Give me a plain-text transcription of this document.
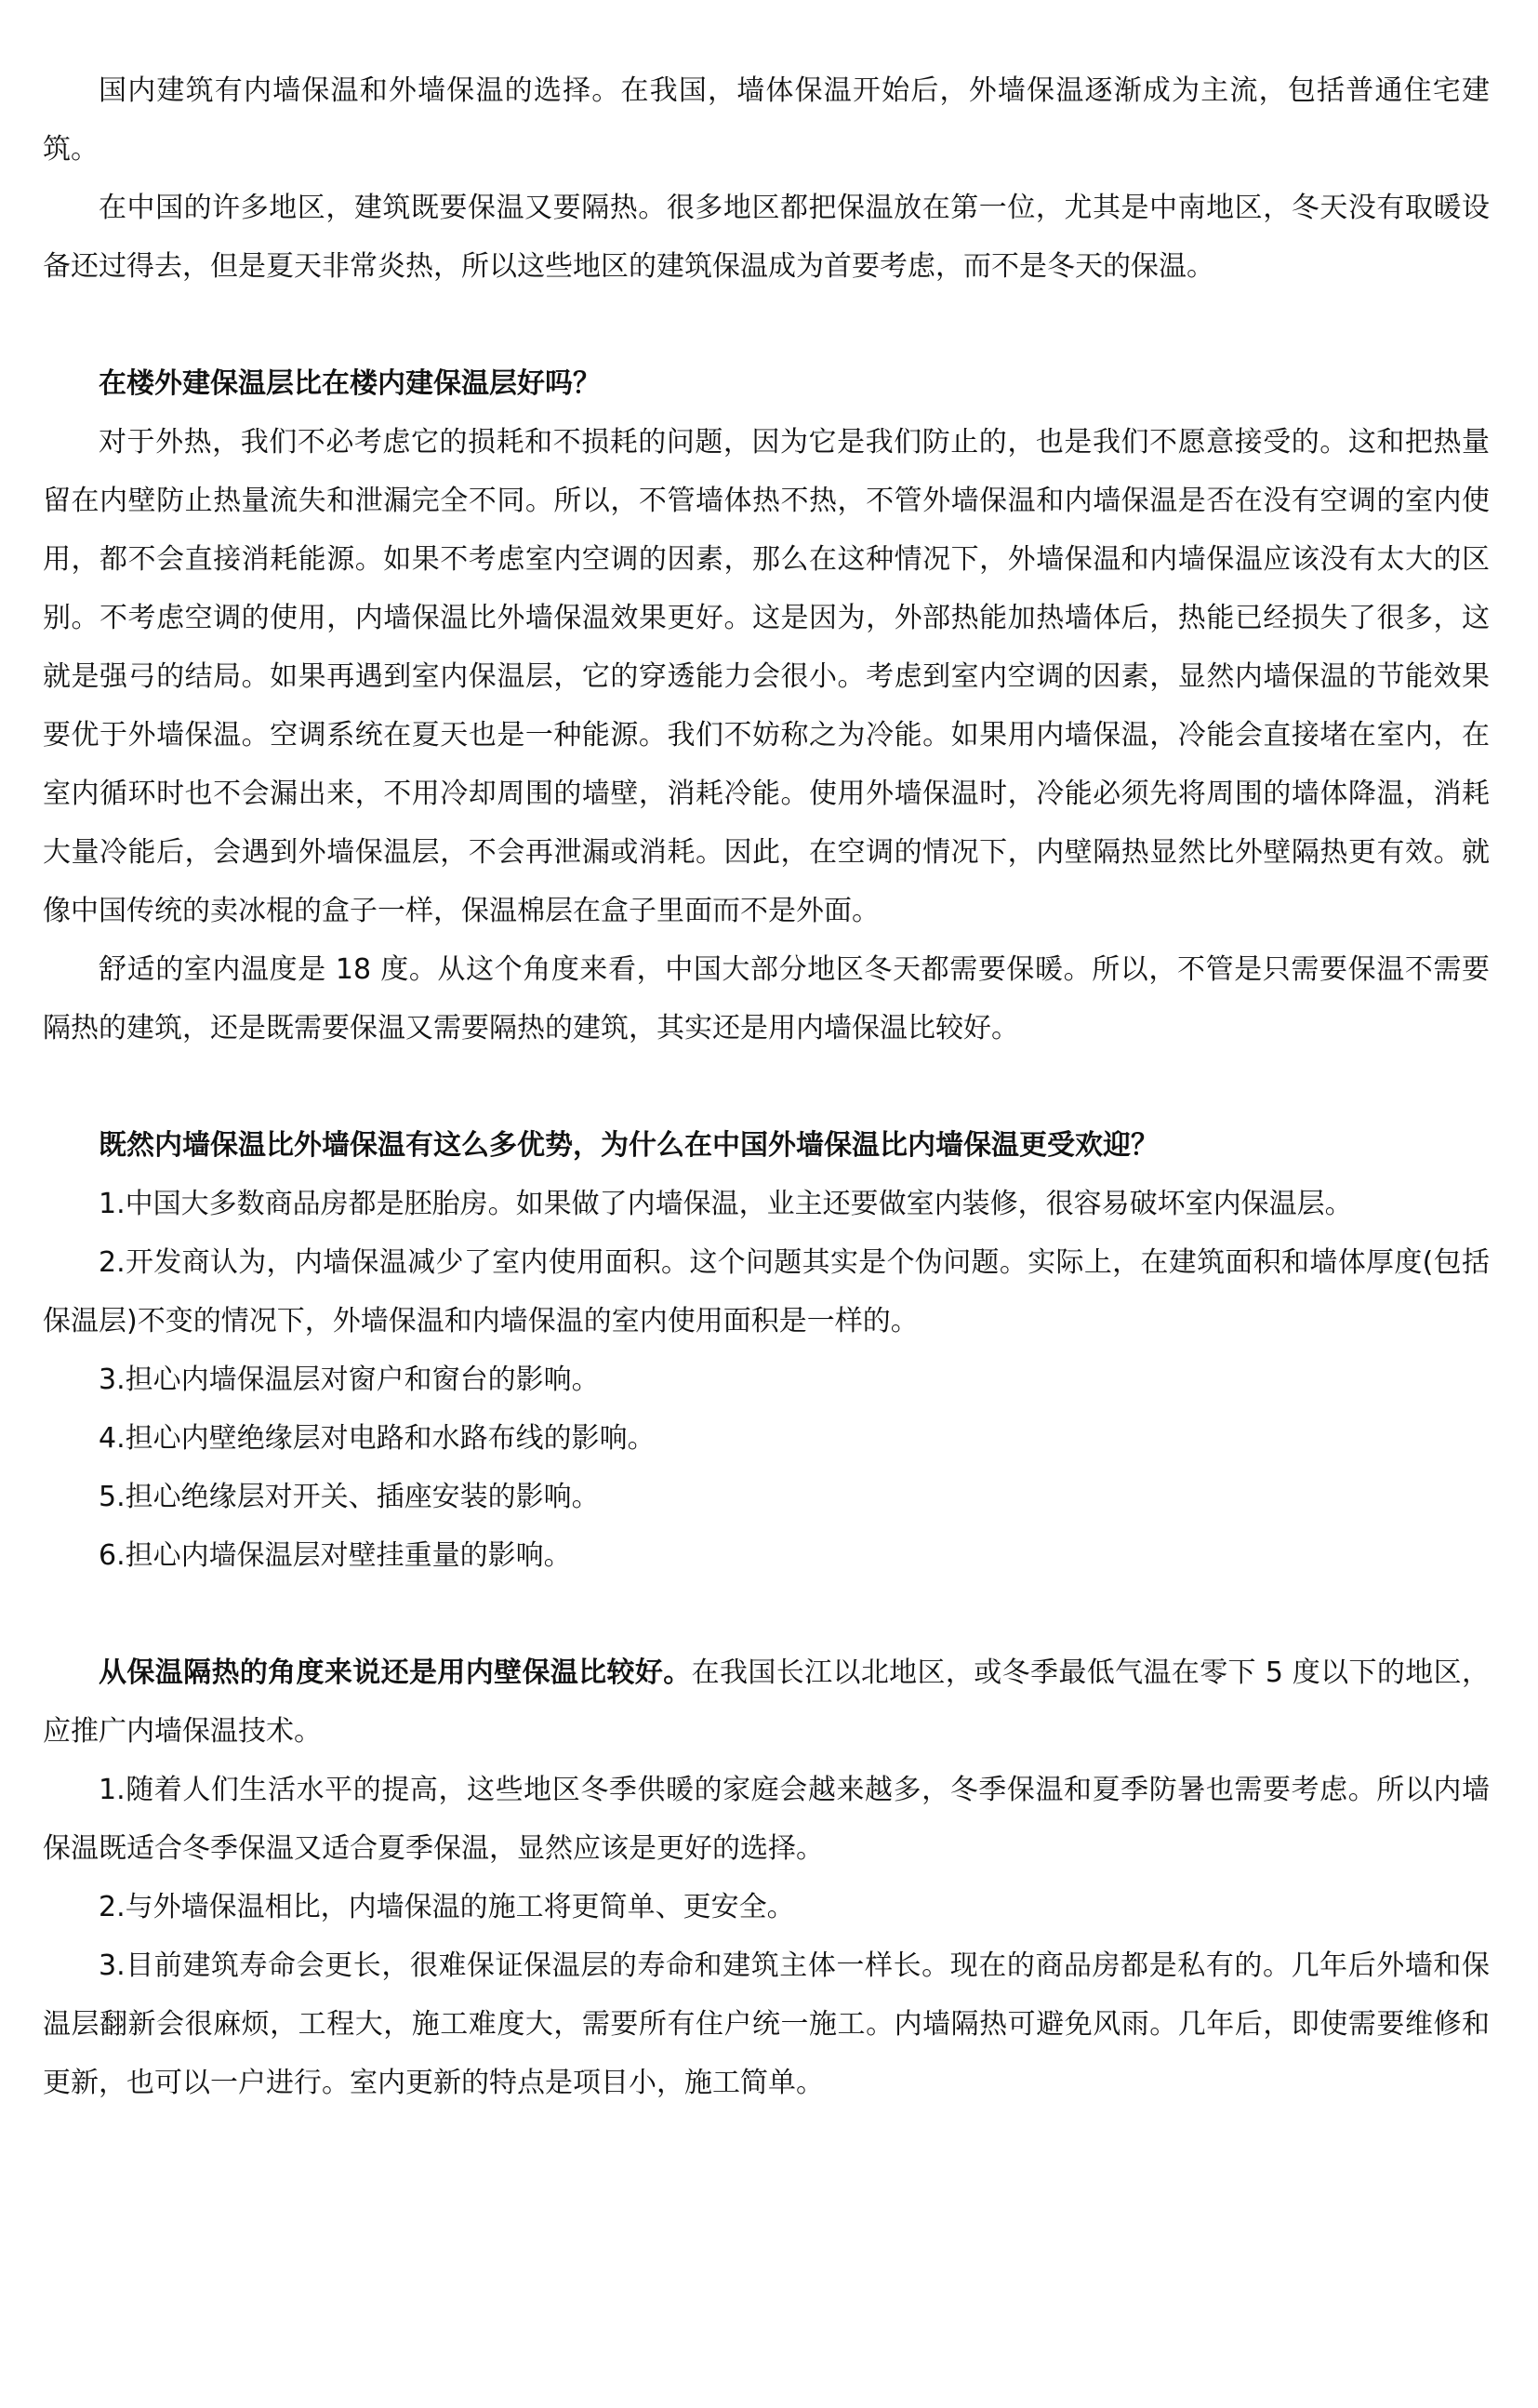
国内建筑有内墙保温和外墙保温的选择。在我国，墙体保温开始后，外墙保温逐渐成为主流，包括普通住宅建筑。

在中国的许多地区，建筑既要保温又要隔热。很多地区都把保温放在第一位，尤其是中南地区，冬天没有取暖设备还过得去，但是夏天非常炎热，所以这些地区的建筑保温成为首要考虑，而不是冬天的保温。

在楼外建保温层比在楼内建保温层好吗？

对于外热，我们不必考虑它的损耗和不损耗的问题，因为它是我们防止的，也是我们不愿意接受的。这和把热量留在内壁防止热量流失和泄漏完全不同。所以，不管墙体热不热，不管外墙保温和内墙保温是否在没有空调的室内使用，都不会直接消耗能源。如果不考虑室内空调的因素，那么在这种情况下，外墙保温和内墙保温应该没有太大的区别。不考虑空调的使用，内墙保温比外墙保温效果更好。这是因为，外部热能加热墙体后，热能已经损失了很多，这就是强弓的结局。如果再遇到室内保温层，它的穿透能力会很小。考虑到室内空调的因素，显然内墙保温的节能效果要优于外墙保温。空调系统在夏天也是一种能源。我们不妨称之为冷能。如果用内墙保温，冷能会直接堵在室内，在室内循环时也不会漏出来，不用冷却周围的墙壁，消耗冷能。使用外墙保温时，冷能必须先将周围的墙体降温，消耗大量冷能后，会遇到外墙保温层，不会再泄漏或消耗。因此，在空调的情况下，内壁隔热显然比外壁隔热更有效。就像中国传统的卖冰棍的盒子一样，保温棉层在盒子里面而不是外面。

舒适的室内温度是 18 度。从这个角度来看，中国大部分地区冬天都需要保暖。所以，不管是只需要保温不需要隔热的建筑，还是既需要保温又需要隔热的建筑，其实还是用内墙保温比较好。

既然内墙保温比外墙保温有这么多优势，为什么在中国外墙保温比内墙保温更受欢迎？

1.中国大多数商品房都是胚胎房。如果做了内墙保温，业主还要做室内装修，很容易破坏室内保温层。

2.开发商认为，内墙保温减少了室内使用面积。这个问题其实是个伪问题。实际上，在建筑面积和墙体厚度(包括保温层)不变的情况下，外墙保温和内墙保温的室内使用面积是一样的。

3.担心内墙保温层对窗户和窗台的影响。

4.担心内壁绝缘层对电路和水路布线的影响。

5.担心绝缘层对开关、插座安装的影响。

6.担心内墙保温层对壁挂重量的影响。

从保温隔热的角度来说还是用内壁保温比较好。在我国长江以北地区，或冬季最低气温在零下 5 度以下的地区，应推广内墙保温技术。

1.随着人们生活水平的提高，这些地区冬季供暖的家庭会越来越多，冬季保温和夏季防暑也需要考虑。所以内墙保温既适合冬季保温又适合夏季保温，显然应该是更好的选择。

2.与外墙保温相比，内墙保温的施工将更简单、更安全。

3.目前建筑寿命会更长，很难保证保温层的寿命和建筑主体一样长。现在的商品房都是私有的。几年后外墙和保温层翻新会很麻烦，工程大，施工难度大，需要所有住户统一施工。内墙隔热可避免风雨。几年后，即使需要维修和更新，也可以一户进行。室内更新的特点是项目小，施工简单。
